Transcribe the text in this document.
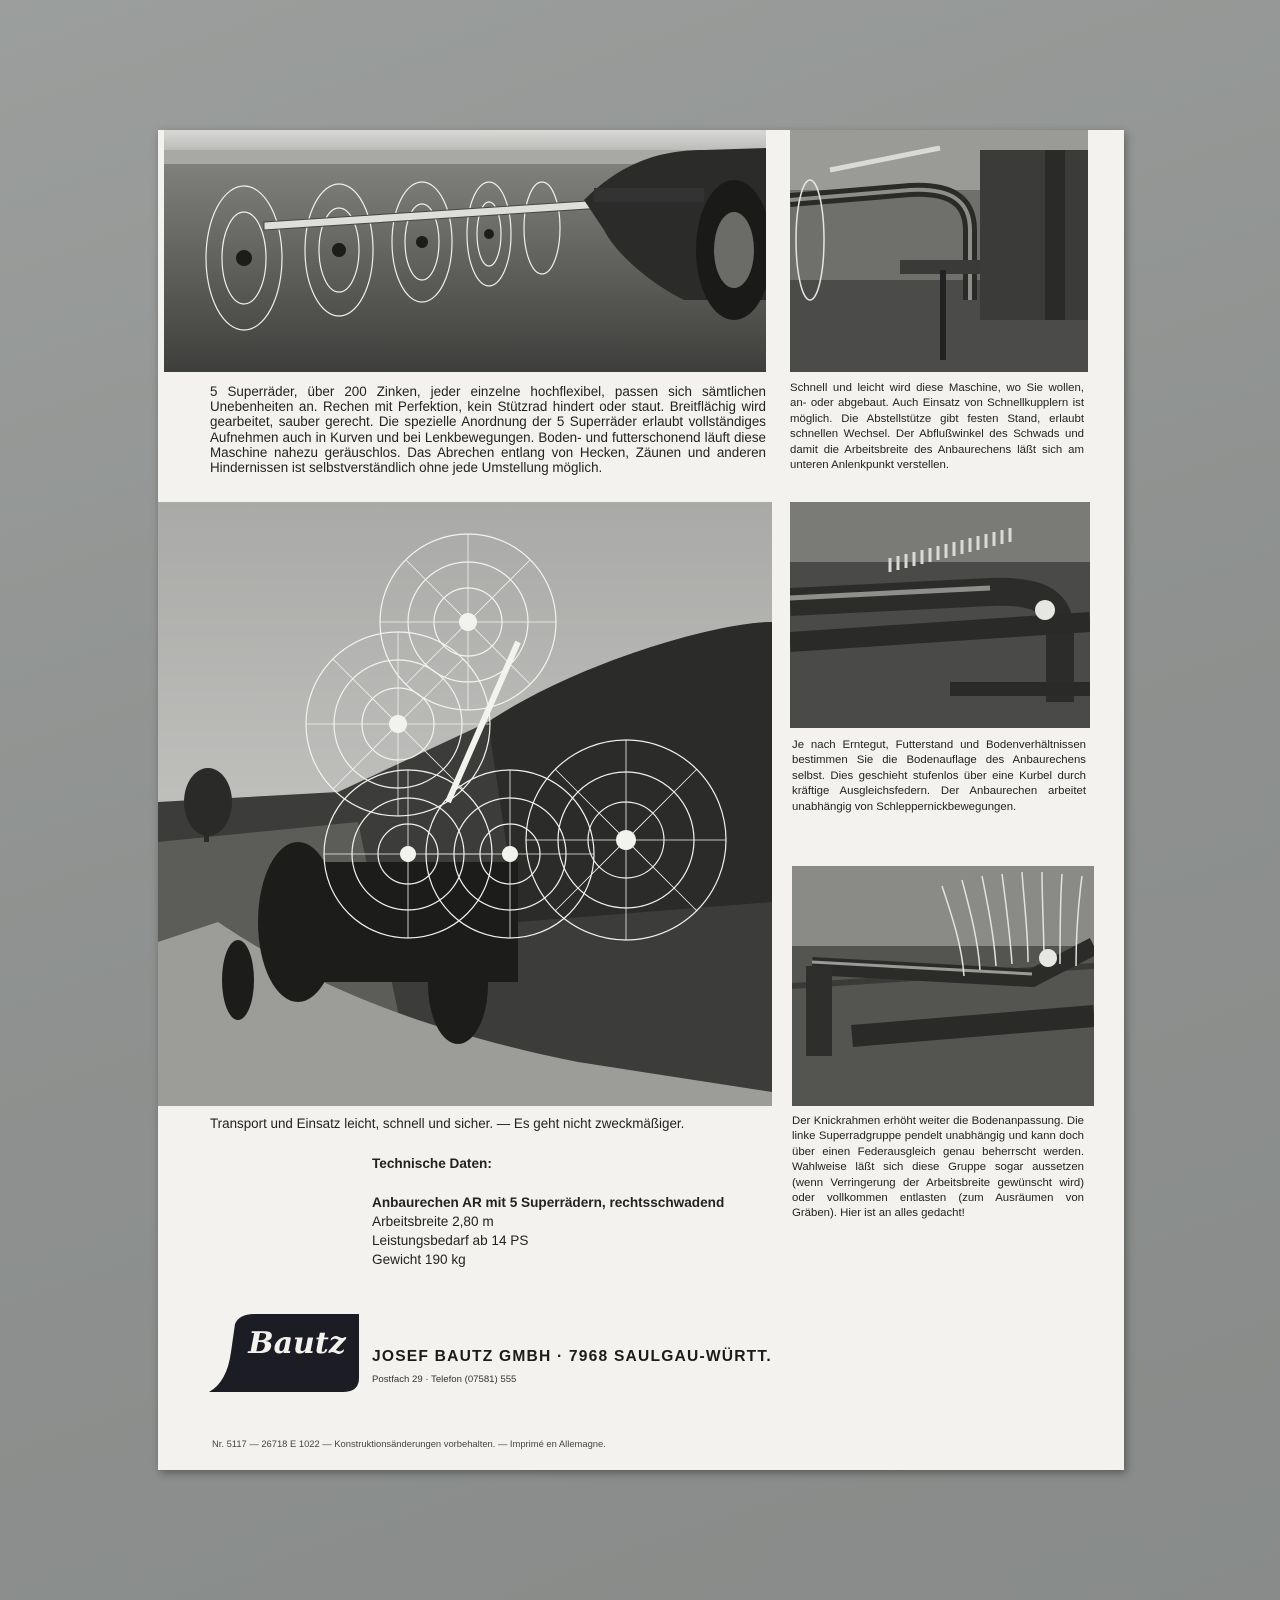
5 Superräder, über 200 Zinken, jeder einzelne hochflexibel, passen sich sämtlichen Unebenheiten an. Rechen mit Perfektion, kein Stützrad hindert oder staut. Breitflächig wird gearbeitet, sauber gerecht. Die spezielle Anordnung der 5 Superräder erlaubt vollständiges Aufnehmen auch in Kurven und bei Lenkbewegungen. Boden- und futterschonend läuft diese Maschine nahezu geräuschlos. Das Abrechen entlang von Hecken, Zäunen und anderen Hindernissen ist selbstverständlich ohne jede Umstellung möglich.
Schnell und leicht wird diese Maschine, wo Sie wollen, an- oder abgebaut. Auch Einsatz von Schnellkupplern ist möglich. Die Abstellstütze gibt festen Stand, erlaubt schnellen Wechsel. Der Abflußwinkel des Schwads und damit die Arbeitsbreite des Anbaurechens läßt sich am unteren Anlenkpunkt verstellen.
Je nach Erntegut, Futterstand und Bodenverhältnissen bestimmen Sie die Bodenauflage des Anbaurechens selbst. Dies geschieht stufenlos über eine Kurbel durch kräftige Ausgleichsfedern. Der Anbaurechen arbeitet unabhängig von Schleppernickbewegungen.
Transport und Einsatz leicht, schnell und sicher. — Es geht nicht zweckmäßiger.	Der Knickrahmen erhöht weiter die Bodenanpassung. Die linke Superradgruppe pendelt unabhängig und kann doch über einen Federausgleich genau beherrscht werden. Wahlweise läßt sich diese Gruppe sogar aussetzen (wenn Verringerung der Arbeitsbreite gewünscht wird) oder vollkommen entlasten (zum Ausräumen von Gräben). Hier ist an alles gedacht!
Technische Daten:
Anbaurechen AR mit 5 Superrädern, rechtsschwadend
Arbeitsbreite 2,80 m
Leistungsbedarf ab 14 PS
Gewicht 190 kg
Bautz JOSEF BAUTZ GMBH · 7968 SAULGAU-WÜRTT.
Postfach 29 · Telefon (07581) 555
Nr. 5117 — 26718 E 1022 — Konstruktionsänderungen vorbehalten. — Imprimé en Allemagne.
